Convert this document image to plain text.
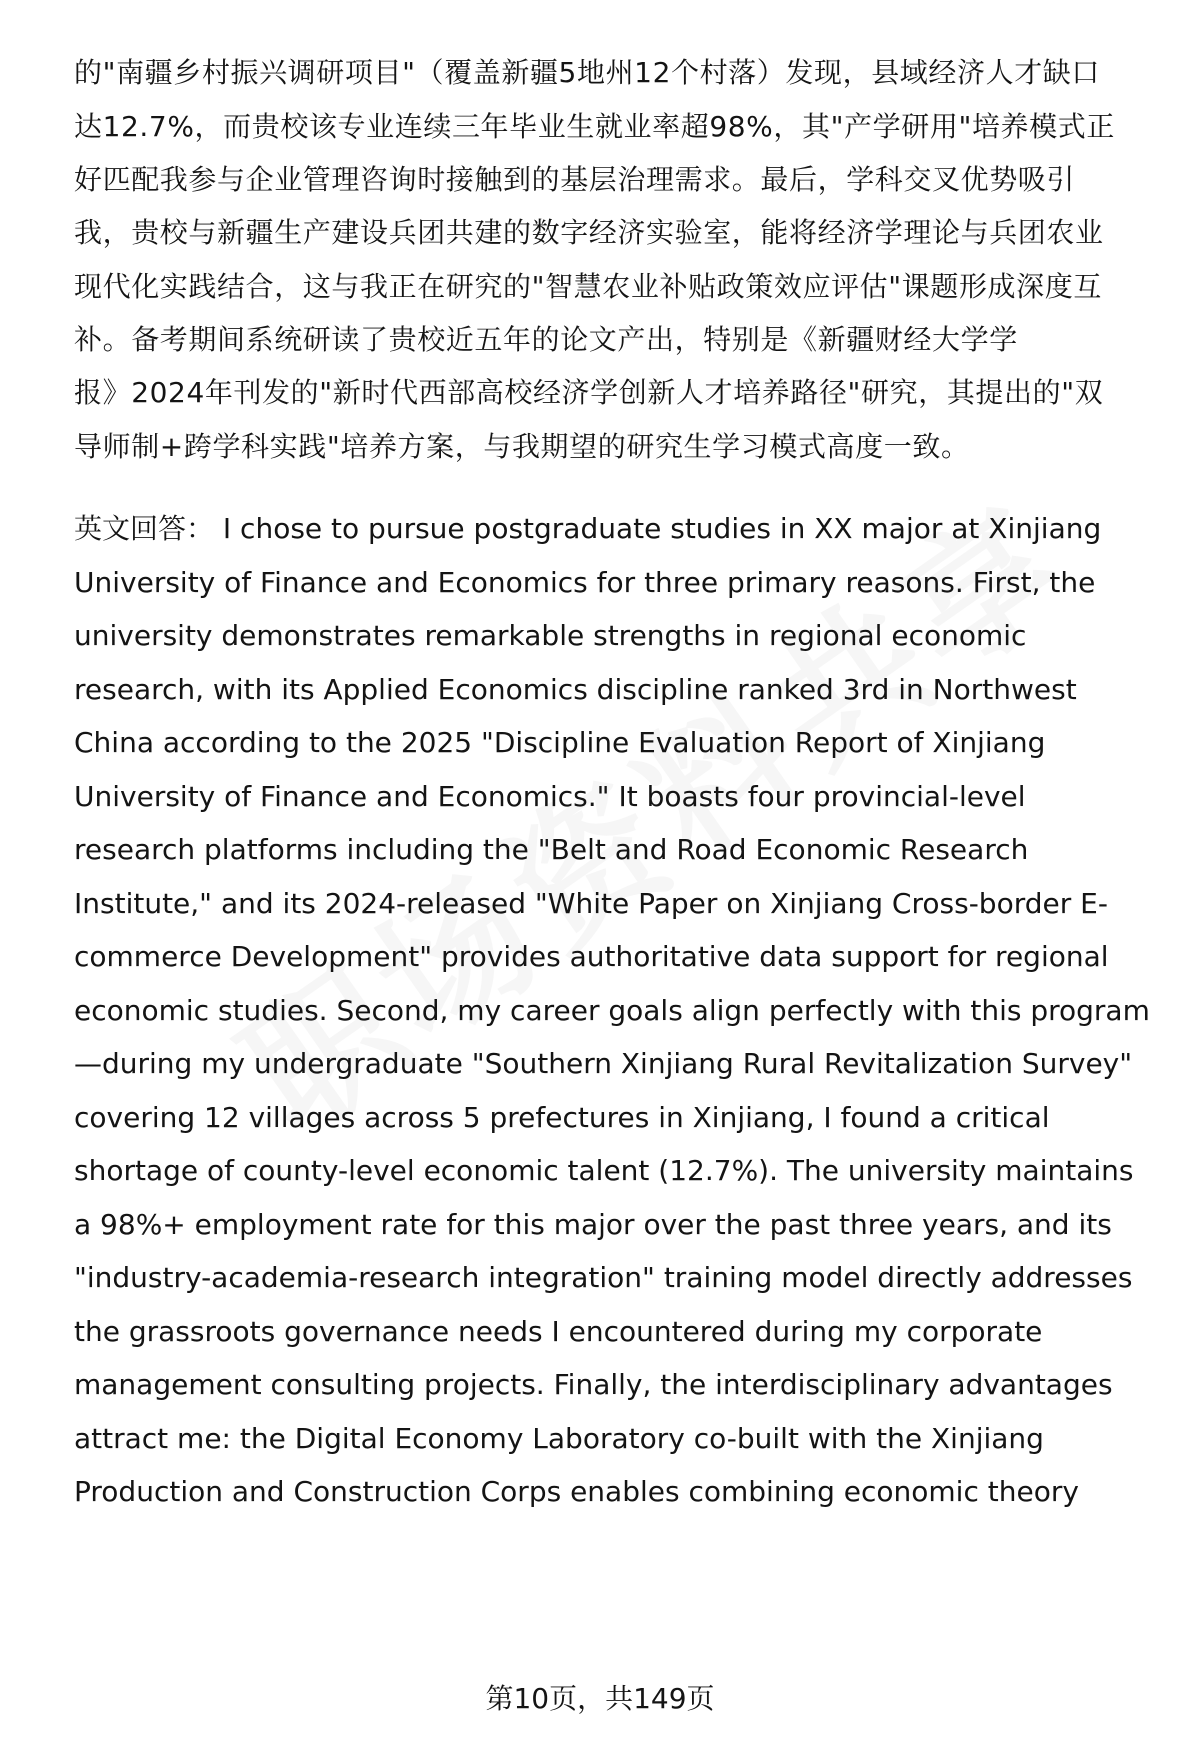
的"南疆乡村振兴调研项目"（覆盖新疆5地州12个村落）发现，县域经济人才缺口
达12.7%，而贵校该专业连续三年毕业生就业率超98%，其"产学研用"培养模式正
好匹配我参与企业管理咨询时接触到的基层治理需求。最后，学科交叉优势吸引
我，贵校与新疆生产建设兵团共建的数字经济实验室，能将经济学理论与兵团农业
现代化实践结合，这与我正在研究的"智慧农业补贴政策效应评估"课题形成深度互
补。备考期间系统研读了贵校近五年的论文产出，特别是《新疆财经大学学
报》2024年刊发的"新时代西部高校经济学创新人才培养路径"研究，其提出的"双
导师制+跨学科实践"培养方案，与我期望的研究生学习模式高度一致。
英文回答： I chose to pursue postgraduate studies in XX major at Xinjiang
University of Finance and Economics for three primary reasons. First, the
university demonstrates remarkable strengths in regional economic
research, with its Applied Economics discipline ranked 3rd in Northwest
China according to the 2025 "Discipline Evaluation Report of Xinjiang
University of Finance and Economics." It boasts four provincial-level
research platforms including the "Belt and Road Economic Research
Institute," and its 2024-released "White Paper on Xinjiang Cross-border E-
commerce Development" provides authoritative data support for regional
economic studies. Second, my career goals align perfectly with this program
—during my undergraduate "Southern Xinjiang Rural Revitalization Survey"
covering 12 villages across 5 prefectures in Xinjiang, I found a critical
shortage of county-level economic talent (12.7%). The university maintains
a 98%+ employment rate for this major over the past three years, and its
"industry-academia-research integration" training model directly addresses
the grassroots governance needs I encountered during my corporate
management consulting projects. Finally, the interdisciplinary advantages
attract me: the Digital Economy Laboratory co-built with the Xinjiang
Production and Construction Corps enables combining economic theory
第10页，共149页
